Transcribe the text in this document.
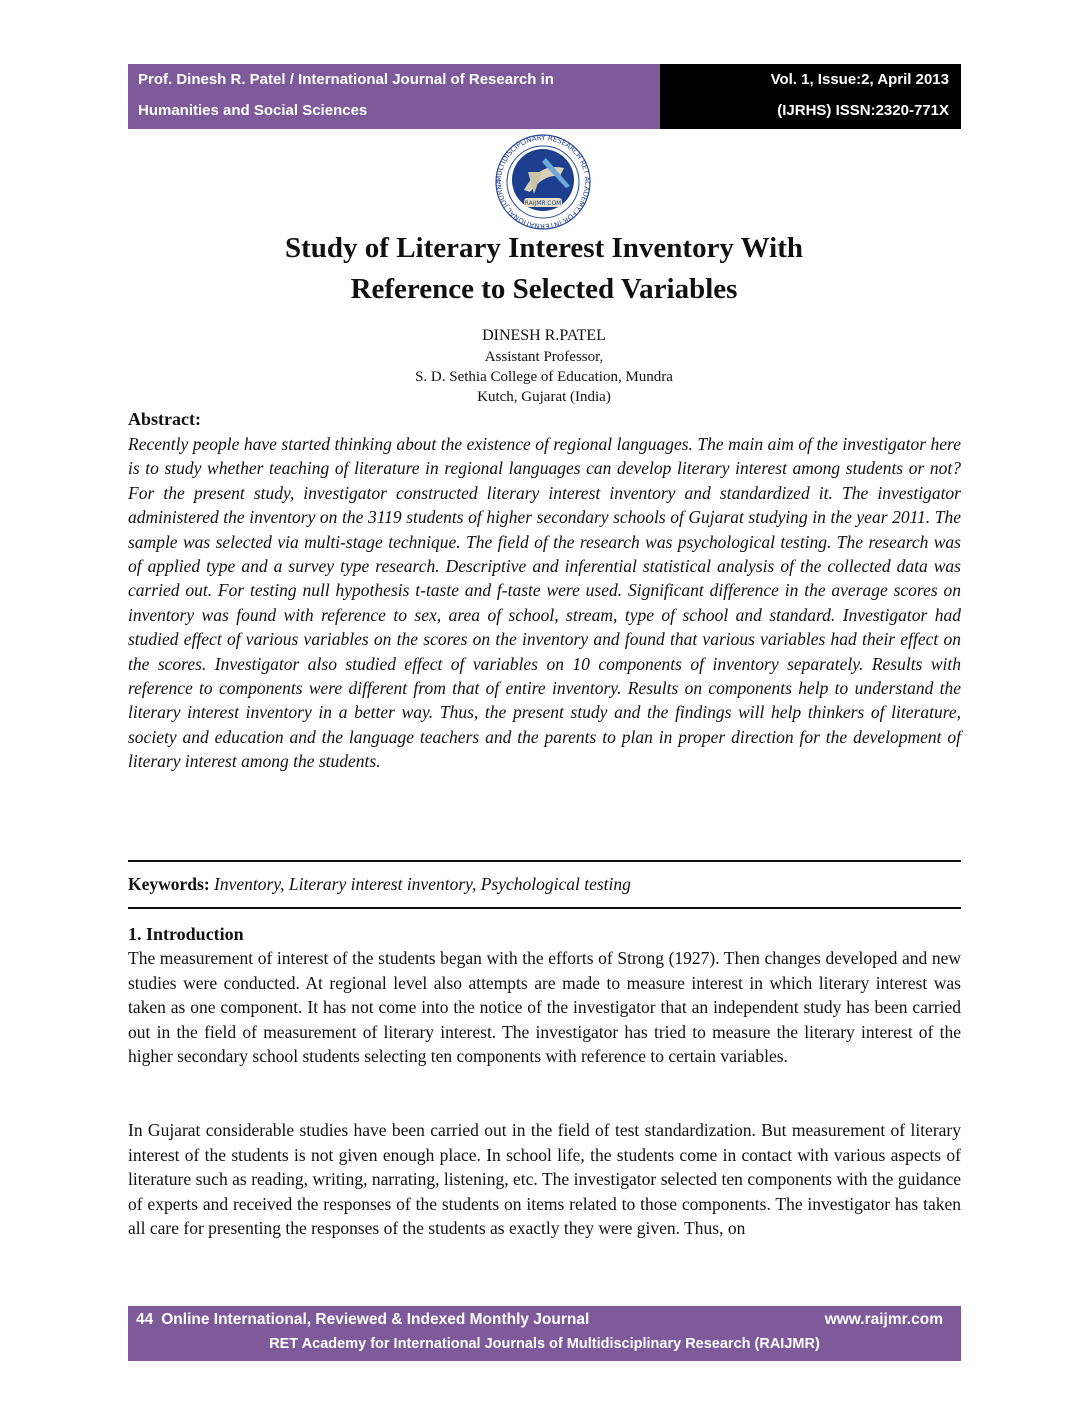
Prof. Dinesh R. Patel / International Journal of Research in
Humanities and Social Sciences
Vol. 1, Issue:2, April 2013
(IJRHS) ISSN:2320-771X
MULTIDISCIPLINARY RESEARCH RET ACADEMY FOR INTERNATIONAL JOURNA
RAIJMR.COM
Study of Literary Interest Inventory With
Reference to Selected Variables
DINESH R.PATEL
Assistant Professor,
S. D. Sethia College of Education, Mundra
Kutch, Gujarat (India)
Abstract:
Recently people have started thinking about the existence of regional languages. The main aim of the investigator here is to study whether teaching of literature in regional languages can develop literary interest among students or not? For the present study, investigator constructed literary interest inventory and standardized it. The investigator administered the inventory on the 3119 students of higher secondary schools of Gujarat studying in the year 2011. The sample was selected via multi-stage technique. The field of the research was psychological testing. The research was of applied type and a survey type research. Descriptive and inferential statistical analysis of the collected data was carried out. For testing null hypothesis t-taste and f-taste were used. Significant difference in the average scores on inventory was found with reference to sex, area of school, stream, type of school and standard. Investigator had studied effect of various variables on the scores on the inventory and found that various variables had their effect on the scores. Investigator also studied effect of variables on 10 components of inventory separately. Results with reference to components were different from that of entire inventory. Results on components help to understand the literary interest inventory in a better way. Thus, the present study and the findings will help thinkers of literature, society and education and the language teachers and the parents to plan in proper direction for the development of literary interest among the students.
Keywords: Inventory, Literary interest inventory, Psychological testing
1. Introduction
The measurement of interest of the students began with the efforts of Strong (1927). Then changes developed and new studies were conducted. At regional level also attempts are made to measure interest in which literary interest was taken as one component. It has not come into the notice of the investigator that an independent study has been carried out in the field of measurement of literary interest. The investigator has tried to measure the literary interest of the higher secondary school students selecting ten components with reference to certain variables.
In Gujarat considerable studies have been carried out in the field of test standardization. But measurement of literary interest of the students is not given enough place. In school life, the students come in contact with various aspects of literature such as reading, writing, narrating, listening, etc. The investigator selected ten components with the guidance of experts and received the responses of the students on items related to those components. The investigator has taken all care for presenting the responses of the students as exactly they were given. Thus, on
44 Online International, Reviewed & Indexed Monthly Journal	www.raijmr.com
RET Academy for International Journals of Multidisciplinary Research (RAIJMR)
